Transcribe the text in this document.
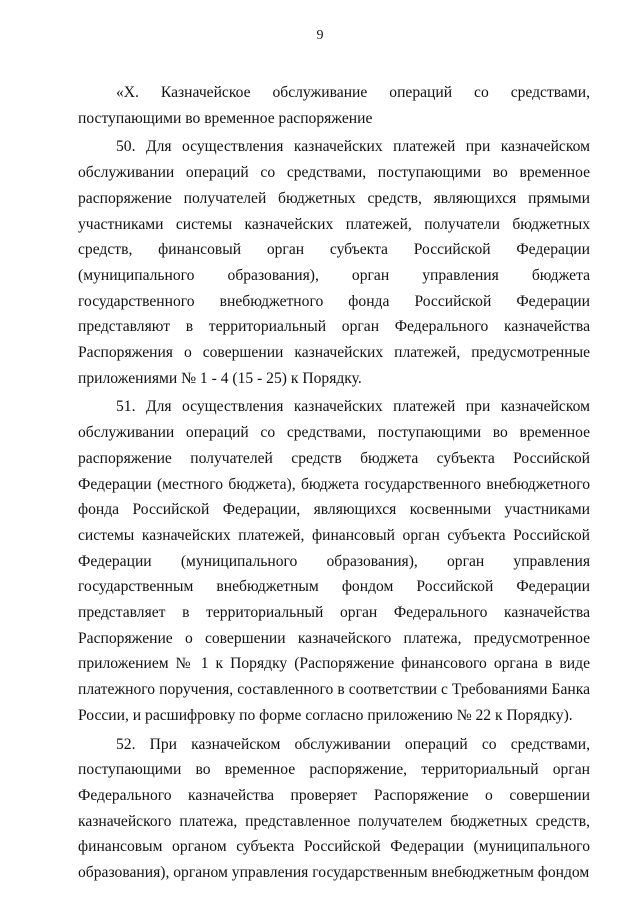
9

«X. Казначейское обслуживание операций со средствами, поступающими во временное распоряжение

50. Для осуществления казначейских платежей при казначейском обслуживании операций со средствами, поступающими во временное распоряжение получателей бюджетных средств, являющихся прямыми участниками системы казначейских платежей, получатели бюджетных средств, финансовый орган субъекта Российской Федерации (муниципального образования), орган управления бюджета государственного внебюджетного фонда Российской Федерации представляют в территориальный орган Федерального казначейства Распоряжения о совершении казначейских платежей, предусмотренные приложениями № 1 - 4 (15 - 25) к Порядку.

51. Для осуществления казначейских платежей при казначейском обслуживании операций со средствами, поступающими во временное распоряжение получателей средств бюджета субъекта Российской Федерации (местного бюджета), бюджета государственного внебюджетного фонда Российской Федерации, являющихся косвенными участниками системы казначейских платежей, финансовый орган субъекта Российской Федерации (муниципального образования), орган управления государственным внебюджетным фондом Российской Федерации представляет в территориальный орган Федерального казначейства Распоряжение о совершении казначейского платежа, предусмотренное приложением № 1 к Порядку (Распоряжение финансового органа в виде платежного поручения, составленного в соответствии с Требованиями Банка России, и расшифровку по форме согласно приложению № 22 к Порядку).

52. При казначейском обслуживании операций со средствами, поступающими во временное распоряжение, территориальный орган Федерального казначейства проверяет Распоряжение о совершении казначейского платежа, представленное получателем бюджетных средств, финансовым органом субъекта Российской Федерации (муниципального образования), органом управления государственным внебюджетным фондом
